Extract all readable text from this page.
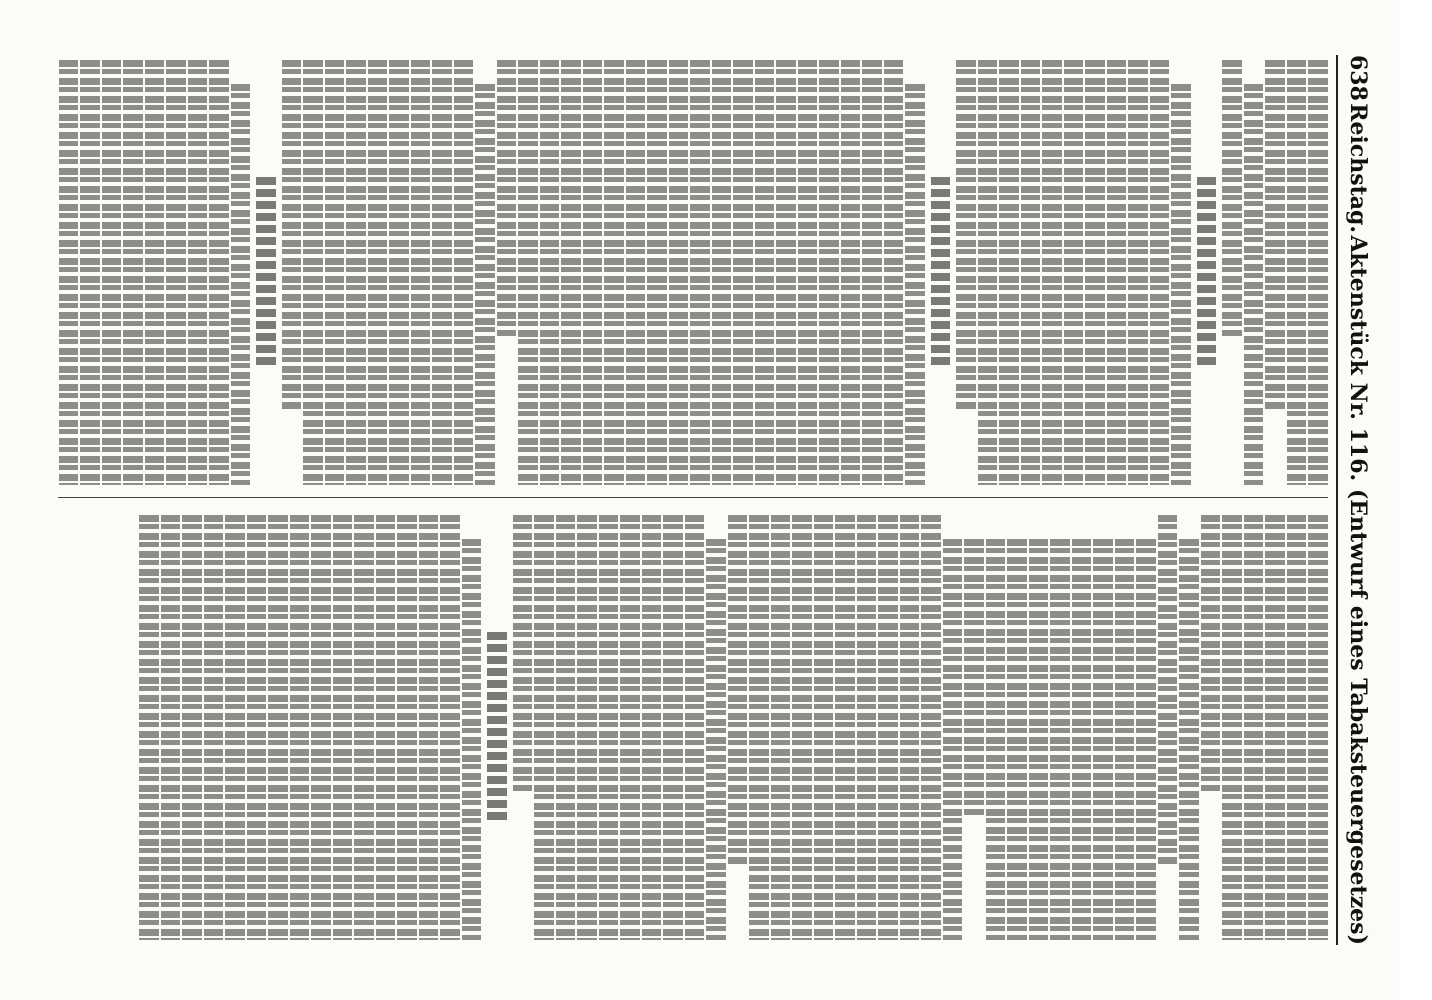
638
Reichstag.
Aktenstück Nr. 116. (Entwurf eines Tabaksteuergesetzes)
